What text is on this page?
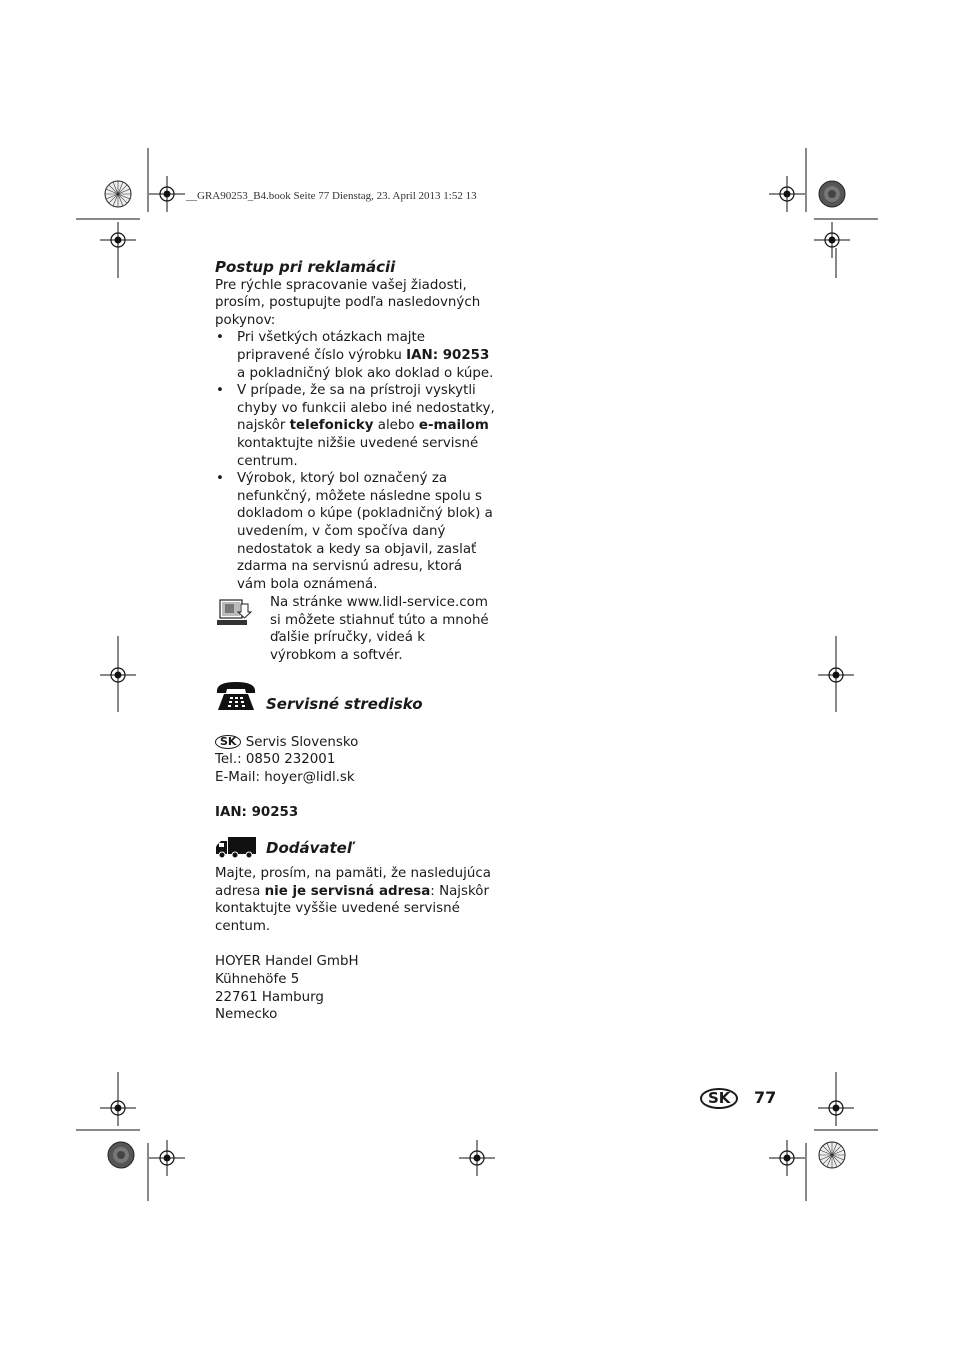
__GRA90253_B4.book Seite 77 Dienstag, 23. April 2013 1:52 13
Postup pri reklamácii

Pre rýchle spracovanie vašej žiadosti, prosím, postupujte podľa nasledovných pokynov:

• Pri všetkých otázkach majte pripravené číslo výrobku IAN: 90253 a pokladničný blok ako doklad o kúpe.
• V prípade, že sa na prístroji vyskytli chyby vo funkcii alebo iné nedostatky, najskôr telefonicky alebo e-mailom kontaktujte nižšie uvedené servisné centrum.
• Výrobok, ktorý bol označený za nefunkčný, môžete následne spolu s dokladom o kúpe (pokladničný blok) a uvedením, v čom spočíva daný nedostatok a kedy sa objavil, zaslať zdarma na servisnú adresu, ktorá vám bola oznámená.

Na stránke www.lidl-service.com si môžete stiahnuť túto a mnohé ďalšie príručky, videá k výrobkom a softvér.

Servisné stredisko

SK Servis Slovensko

Tel.: 0850 232001

E-Mail: hoyer@lidl.sk

IAN: 90253

Dodávateľ

Majte, prosím, na pamäti, že nasledujúca adresa nie je servisná adresa: Najskôr kontaktujte vyššie uvedené servisné centum.

HOYER Handel GmbH

Kühnehöfe 5

22761 Hamburg

Nemecko

SK	77
